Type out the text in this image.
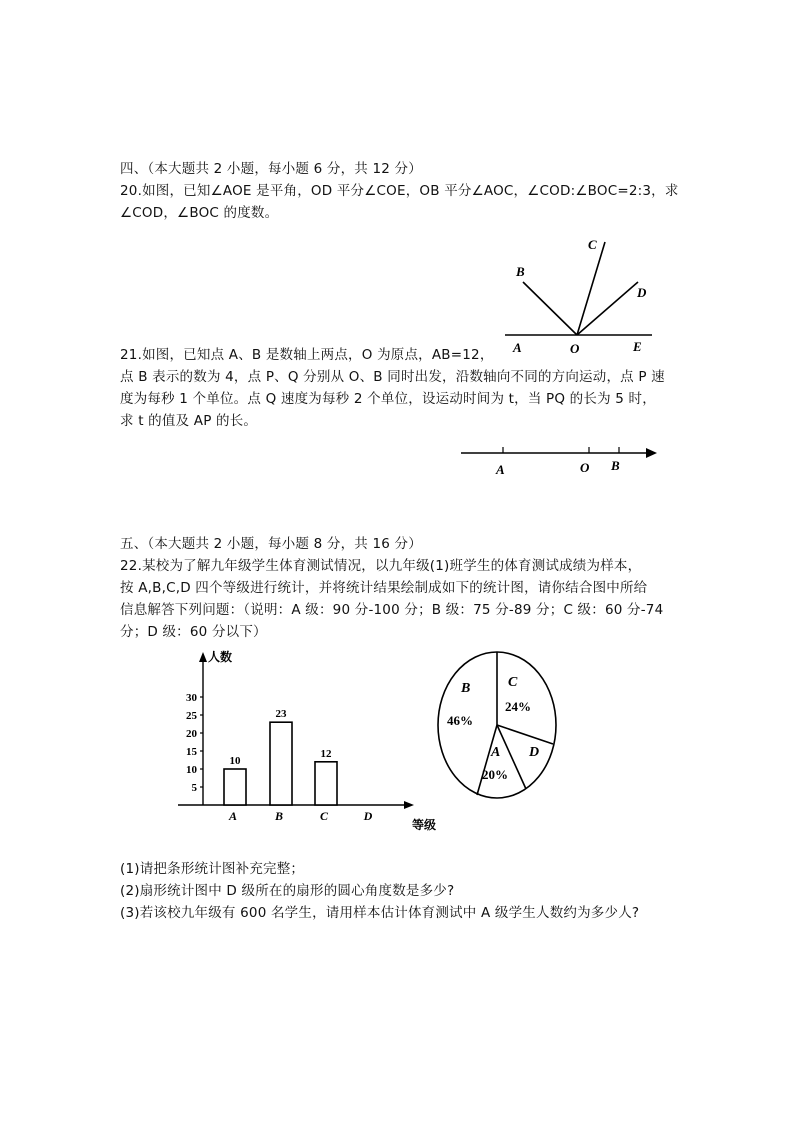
四、（本大题共 2 小题，每小题 6 分，共 12 分）
20.如图，已知∠AOE 是平角，OD 平分∠COE，OB 平分∠AOC，∠COD:∠BOC=2:3，求
∠COD，∠BOC 的度数。
A	O	E
B
C
D
21.如图，已知点 A、B 是数轴上两点，O 为原点，AB=12，
点 B 表示的数为 4，点 P、Q 分别从 O、B 同时出发，沿数轴向不同的方向运动，点 P 速
度为每秒 1 个单位。点 Q 速度为每秒 2 个单位，设运动时间为 t，当 PQ 的长为 5 时，
求 t 的值及 AP 的长。
A	O B
五、（本大题共 2 小题，每小题 8 分，共 16 分）
22.某校为了解九年级学生体育测试情况，以九年级(1)班学生的体育测试成绩为样本，
按 A,B,C,D 四个等级进行统计，并将统计结果绘制成如下的统计图，请你结合图中所给
信息解答下列问题：（说明：A 级：90 分-100 分；B 级：75 分-89 分；C 级：60 分-74
分；D 级：60 分以下）
人数
等级
5
10
15
20
25
30
10
23
12
A	B	C	D
B
46%
C
24%
A
20%
D
(1)请把条形统计图补充完整；
(2)扇形统计图中 D 级所在的扇形的圆心角度数是多少?
(3)若该校九年级有 600 名学生，请用样本估计体育测试中 A 级学生人数约为多少人?
